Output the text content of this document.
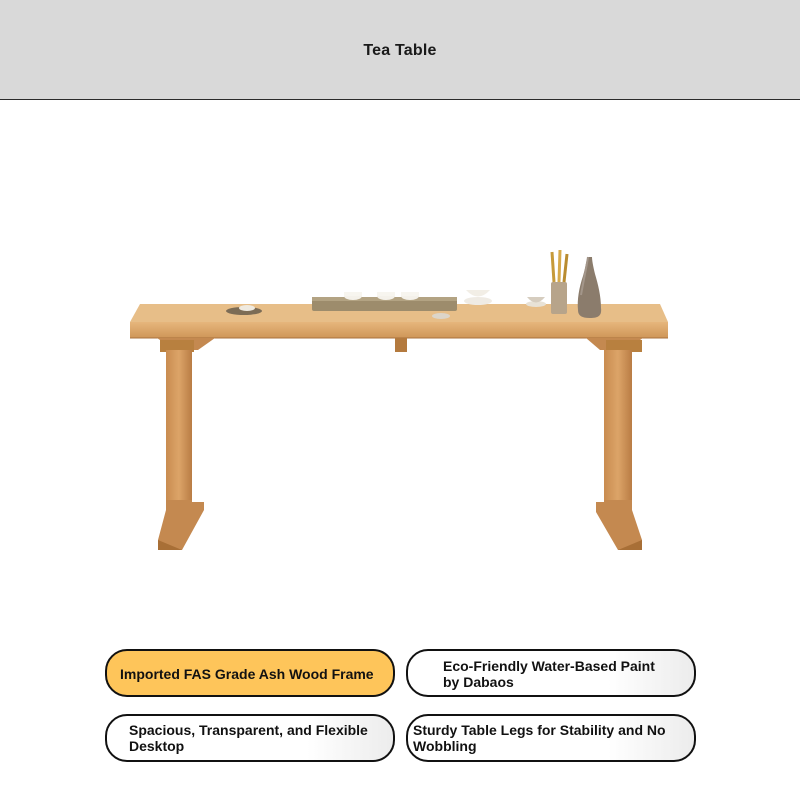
Tea Table
Imported FAS Grade Ash Wood Frame	Eco-Friendly Water-Based Paint by Dabaos
Spacious, Transparent, and Flexible Desktop
Sturdy Table Legs for Stability and No Wobbling
